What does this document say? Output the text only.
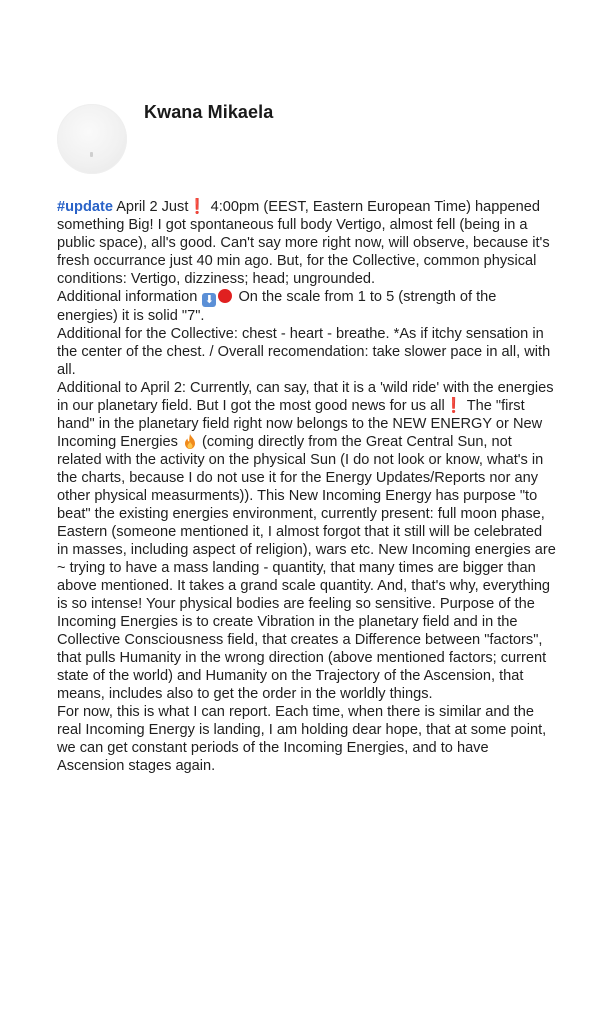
Kwana Mikaela

#update April 2 Just❗ 4:00pm (EEST, Eastern European Time) happened something Big! I got spontaneous full body Vertigo, almost fell (being in a public space), all's good. Can't say more right now, will observe, because it's fresh occurrance just 40 min ago. But, for the Collective, common physical conditions: Vertigo, dizziness; head; ungrounded.

Additional information ⬇ On the scale from 1 to 5 (strength of the energies) it is solid "7".

Additional for the Collective: chest - heart - breathe. *As if itchy sensation in the center of the chest. / Overall recomendation: take slower pace in all, with all.

Additional to April 2: Currently, can say, that it is a 'wild ride' with the energies in our planetary field. But I got the most good news for us all❗ The "first hand" in the planetary field right now belongs to the NEW ENERGY or New Incoming Energies  (coming directly from the Great Central Sun, not related with the activity on the physical Sun (I do not look or know, what's in the charts, because I do not use it for the Energy Updates/Reports nor any other physical measurments)). This New Incoming Energy has purpose "to beat" the existing energies environment, currently present: full moon phase, Eastern (someone mentioned it, I almost forgot that it still will be celebrated in masses, including aspect of religion), wars etc. New Incoming energies are ~ trying to have a mass landing - quantity, that many times are bigger than above mentioned. It takes a grand scale quantity. And, that's why, everything is so intense! Your physical bodies are feeling so sensitive. Purpose of the Incoming Energies is to create Vibration in the planetary field and in the Collective Consciousness field, that creates a Difference between "factors", that pulls Humanity in the wrong direction (above mentioned factors; current state of the world) and Humanity on the Trajectory of the Ascension, that means, includes also to get the order in the worldly things.

For now, this is what I can report. Each time, when there is similar and the real Incoming Energy is landing, I am holding dear hope, that at some point, we can get constant periods of the Incoming Energies, and to have Ascension stages again.
